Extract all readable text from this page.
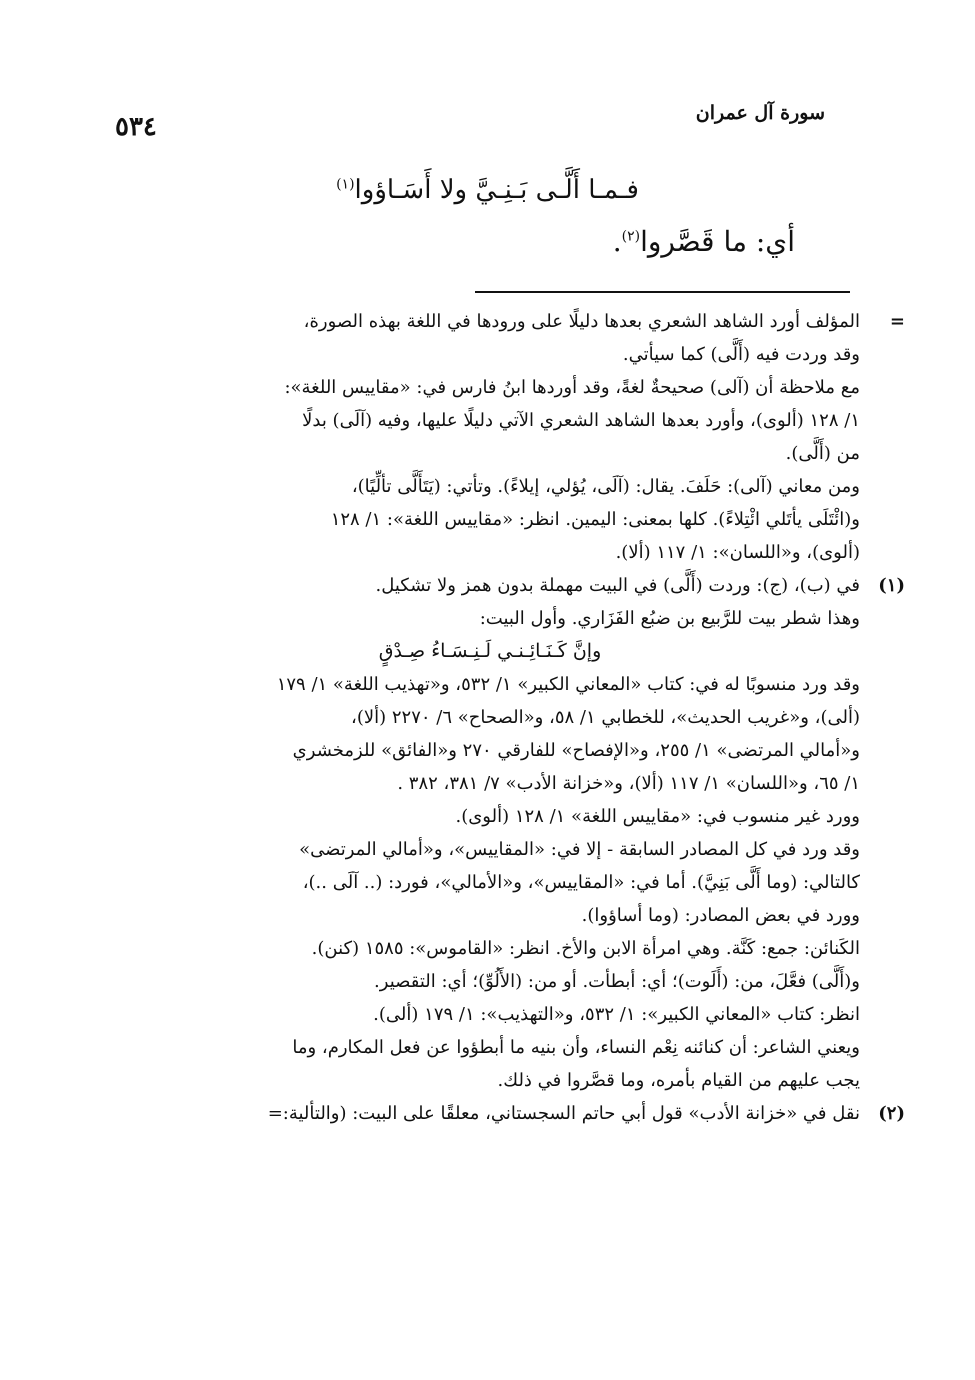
سورة آل عمران
٥٣٤
فـمـا أَلَّـى بَـنِـيَّ ولا أَسَـاؤوا$^{(١)}$
أي: ما قَصَّروا$^{(٢)}$.
=

المؤلف أورد الشاهد الشعري بعدها دليلًا على ورودها في اللغة بهذه الصورة،

وقد وردت فيه (أَلَّى) كما سيأتي.

مع ملاحظة أن (آلى) صحيحةٌ لغةً، وقد أوردها ابنُ فارس في: «مقاييس اللغة»:

١/ ١٢٨ (ألوى)، وأورد بعدها الشاهد الشعري الآتي دليلًا عليها، وفيه (آلَى) بدلًا

من (أَلَّى).

ومن معاني (آلى): حَلَفَ. يقال: (آلَى، يُؤلي، إيلاءً). وتأتي: (يَتَأَلَّى تألِّيًا)،

و(ائْتَلَى يأتَلي ائْتِلاءً). كلها بمعنى: اليمين. انظر: «مقاييس اللغة»: ١/ ١٢٨

(ألوى)، و«اللسان»: ١/ ١١٧ (ألا).

(١)

في (ب)، (ج): وردت (أَلَّى) في البيت مهملة بدون همز ولا تشكيل.

وهذا شطر بيت للرَّبيع بن ضبُع الفَزَاري. وأول البيت:

وإنَّ كَـنَـائِـنـي لَـنِـسَـاءُ صِـدْقٍ

وقد ورد منسوبًا له في: كتاب «المعاني الكبير» ١/ ٥٣٢، و«تهذيب اللغة» ١/ ١٧٩

(ألى)، و«غريب الحديث»، للخطابي ١/ ٥٨، و«الصحاح» ٦/ ٢٢٧٠ (ألا)،

و«أمالي المرتضى» ١/ ٢٥٥، و«الإفصاح» للفارقي ٢٧٠ و«الفائق» للزمخشري

١/ ٦٥، و«اللسان» ١/ ١١٧ (ألا)، و«خزانة الأدب» ٧/ ٣٨١، ٣٨٢ .

وورد غير منسوب في: «مقاييس اللغة» ١/ ١٢٨ (ألوى).

وقد ورد في كل المصادر السابقة - إلا في: «المقاييس»، و«أمالي المرتضى»

كالتالي: (وما أَلَّى بَنِيَّ). أما في: «المقاييس»، و«الأمالي»، فورد: (.. آلَى ..)،

وورد في بعض المصادر: (وما أساؤوا).

الكَنائن: جمع: كَنَّة. وهي امرأة الابن والأخ. انظر: «القاموس»: ١٥٨٥ (كنن).

و(أَلَّى) فعَّلَ، من: (أَلَوت)؛ أي: أبطأت. أو من: (الأَلُوِّ)؛ أي: التقصير.

انظر: كتاب «المعاني الكبير»: ١/ ٥٣٢، و«التهذيب»: ١/ ١٧٩ (ألى).

ويعني الشاعر: أن كنائنه نِعْم النساء، وأن بنيه ما أبطؤوا عن فعل المكارم، وما

يجب عليهم من القيام بأمره، وما قصَّروا في ذلك.

(٢)

نقل في «خزانة الأدب» قول أبي حاتم السجستاني، معلقًا على البيت: (والتألية:=
